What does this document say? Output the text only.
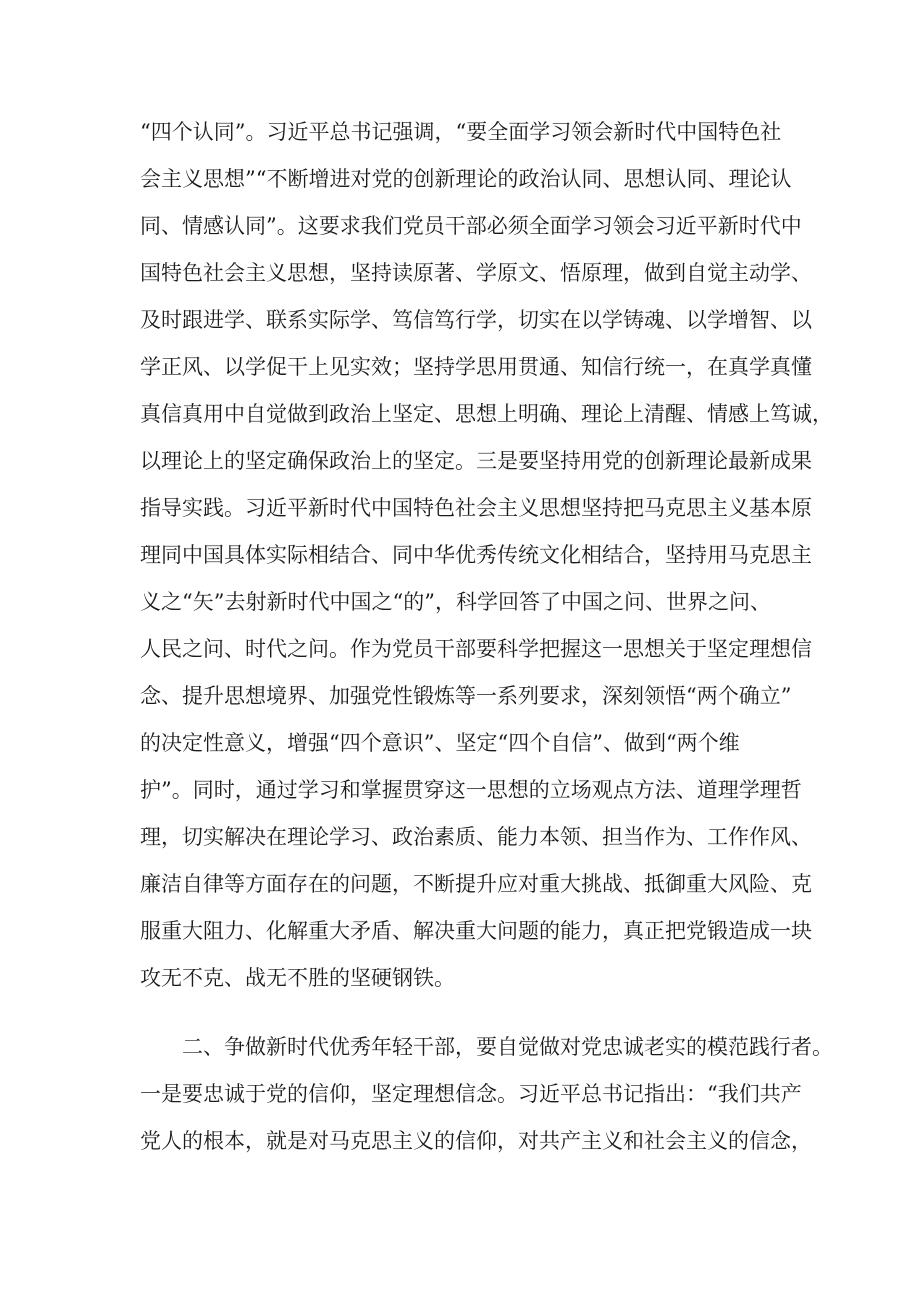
“四个认同”。习近平总书记强调，“要全面学习领会新时代中国特色社
会主义思想”“不断增进对党的创新理论的政治认同、思想认同、理论认
同、情感认同”。这要求我们党员干部必须全面学习领会习近平新时代中
国特色社会主义思想，坚持读原著、学原文、悟原理，做到自觉主动学、
及时跟进学、联系实际学、笃信笃行学，切实在以学铸魂、以学增智、以
学正风、以学促干上见实效；坚持学思用贯通、知信行统一，在真学真懂
真信真用中自觉做到政治上坚定、思想上明确、理论上清醒、情感上笃诚，
以理论上的坚定确保政治上的坚定。三是要坚持用党的创新理论最新成果
指导实践。习近平新时代中国特色社会主义思想坚持把马克思主义基本原
理同中国具体实际相结合、同中华优秀传统文化相结合，坚持用马克思主
义之“矢”去射新时代中国之“的”，科学回答了中国之问、世界之问、
人民之问、时代之问。作为党员干部要科学把握这一思想关于坚定理想信
念、提升思想境界、加强党性锻炼等一系列要求，深刻领悟“两个确立”
的决定性意义，增强“四个意识”、坚定“四个自信”、做到“两个维
护”。同时，通过学习和掌握贯穿这一思想的立场观点方法、道理学理哲
理，切实解决在理论学习、政治素质、能力本领、担当作为、工作作风、
廉洁自律等方面存在的问题，不断提升应对重大挑战、抵御重大风险、克
服重大阻力、化解重大矛盾、解决重大问题的能力，真正把党锻造成一块
攻无不克、战无不胜的坚硬钢铁。
二、争做新时代优秀年轻干部，要自觉做对党忠诚老实的模范践行者。
一是要忠诚于党的信仰，坚定理想信念。习近平总书记指出：“我们共产
党人的根本，就是对马克思主义的信仰，对共产主义和社会主义的信念，
